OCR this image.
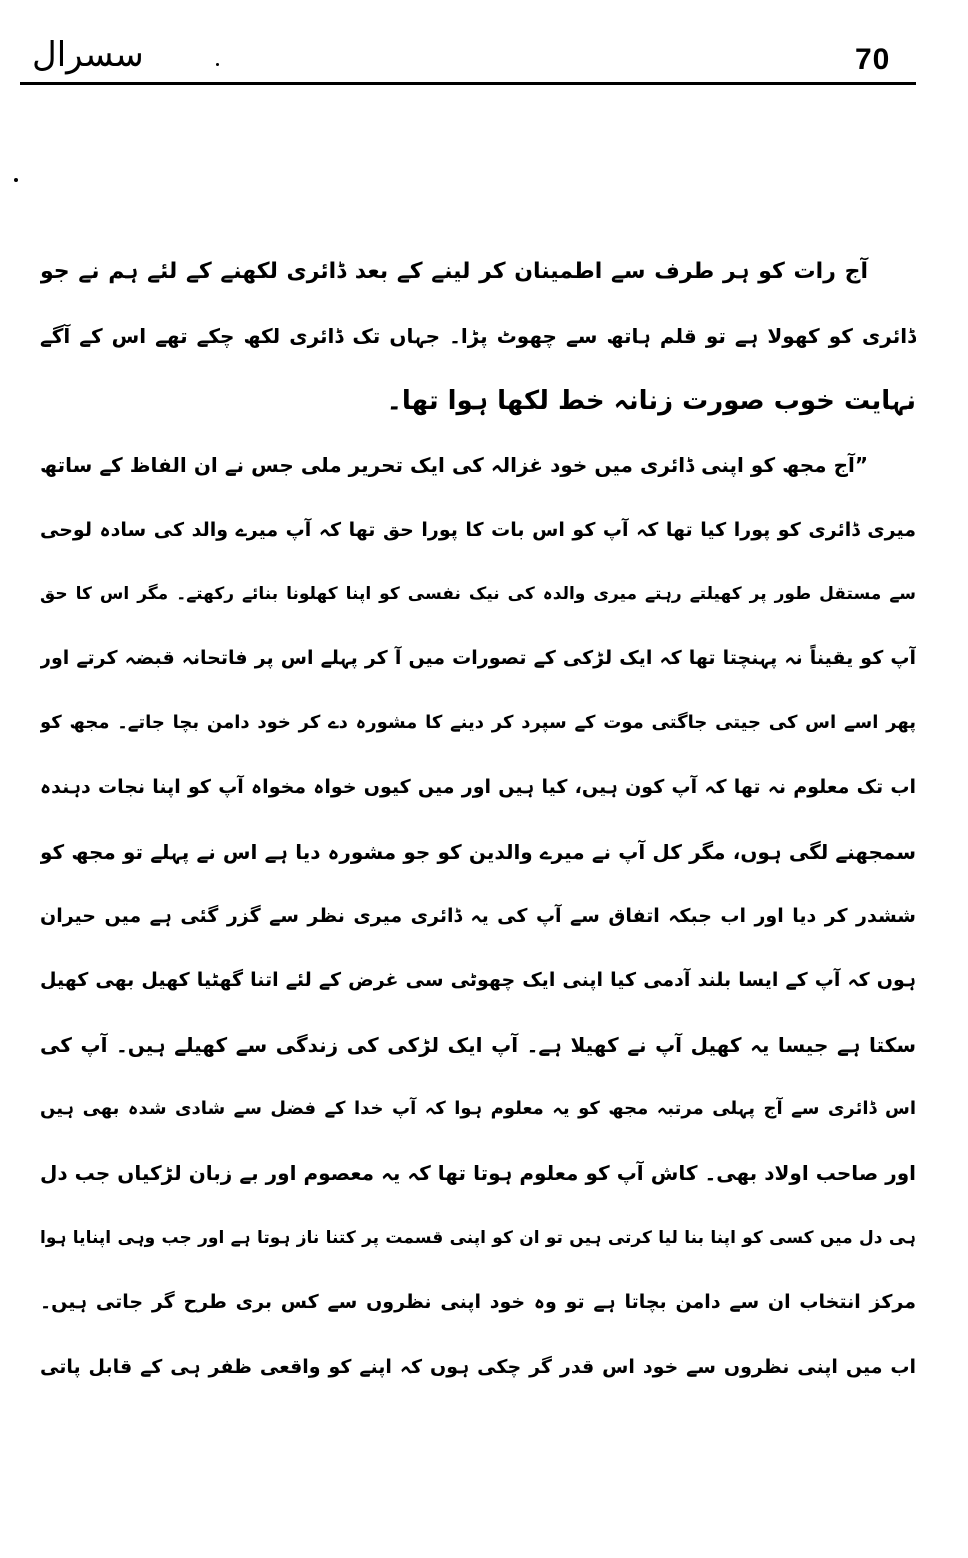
سسرال	70
آج رات کو ہر طرف سے اطمینان کر لینے کے بعد ڈائری لکھنے کے لئے ہم نے جو
ڈائری کو کھولا ہے تو قلم ہاتھ سے چھوٹ پڑا۔ جہاں تک ڈائری لکھ چکے تھے اس کے آگے
نہایت خوب صورت زنانہ خط لکھا ہوا تھا۔
”آج مجھ کو اپنی ڈائری میں خود غزالہ کی ایک تحریر ملی جس نے ان الفاظ کے ساتھ
میری ڈائری کو پورا کیا تھا کہ آپ کو اس بات کا پورا حق تھا کہ آپ میرے والد کی سادہ لوحی
سے مستقل طور پر کھیلتے رہتے میری والدہ کی نیک نفسی کو اپنا کھلونا بنائے رکھتے۔ مگر اس کا حق
آپ کو یقیناً نہ پہنچتا تھا کہ ایک لڑکی کے تصورات میں آ کر پہلے اس پر فاتحانہ قبضہ کرتے اور
پھر اسے اس کی جیتی جاگتی موت کے سپرد کر دینے کا مشورہ دے کر خود دامن بچا جاتے۔ مجھ کو
اب تک معلوم نہ تھا کہ آپ کون ہیں، کیا ہیں اور میں کیوں خواہ مخواہ آپ کو اپنا نجات دہندہ
سمجھنے لگی ہوں، مگر کل آپ نے میرے والدین کو جو مشورہ دیا ہے اس نے پہلے تو مجھ کو
ششدر کر دیا اور اب جبکہ اتفاق سے آپ کی یہ ڈائری میری نظر سے گزر گئی ہے میں حیران
ہوں کہ آپ کے ایسا بلند آدمی کیا اپنی ایک چھوٹی سی غرض کے لئے اتنا گھٹیا کھیل بھی کھیل
سکتا ہے جیسا یہ کھیل آپ نے کھیلا ہے۔ آپ ایک لڑکی کی زندگی سے کھیلے ہیں۔ آپ کی
اس ڈائری سے آج پہلی مرتبہ مجھ کو یہ معلوم ہوا کہ آپ خدا کے فضل سے شادی شدہ بھی ہیں
اور صاحب اولاد بھی۔ کاش آپ کو معلوم ہوتا تھا کہ یہ معصوم اور بے زبان لڑکیاں جب دل
ہی دل میں کسی کو اپنا بنا لیا کرتی ہیں تو ان کو اپنی قسمت پر کتنا ناز ہوتا ہے اور جب وہی اپنایا ہوا
مرکز انتخاب ان سے دامن بچاتا ہے تو وہ خود اپنی نظروں سے کس بری طرح گر جاتی ہیں۔
اب میں اپنی نظروں سے خود اس قدر گر چکی ہوں کہ اپنے کو واقعی ظفر ہی کے قابل پاتی
